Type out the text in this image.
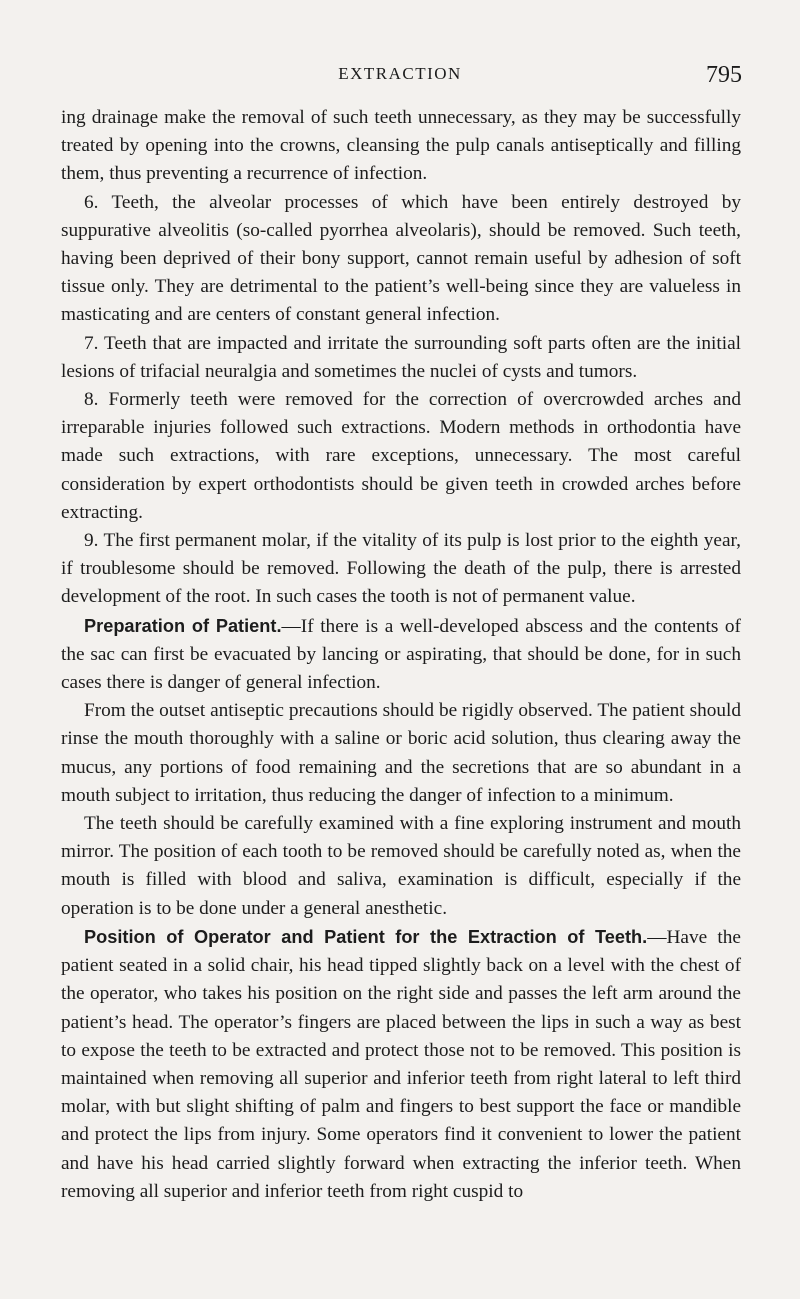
EXTRACTION	795

ing drainage make the removal of such teeth unnecessary, as they may be successfully treated by opening into the crowns, cleansing the pulp canals antiseptically and filling them, thus preventing a recurrence of infection.

6. Teeth, the alveolar processes of which have been entirely destroyed by suppurative alveolitis (so-called pyorrhea alveolaris), should be removed. Such teeth, having been deprived of their bony support, cannot remain useful by adhesion of soft tissue only. They are detrimental to the patient’s well-being since they are valueless in masticating and are centers of constant general infection.

7. Teeth that are impacted and irritate the surrounding soft parts often are the initial lesions of trifacial neuralgia and sometimes the nuclei of cysts and tumors.

8. Formerly teeth were removed for the correction of overcrowded arches and irreparable injuries followed such extractions. Modern methods in orthodontia have made such extractions, with rare exceptions, unnecessary. The most careful consideration by expert orthodontists should be given teeth in crowded arches before extracting.

9. The first permanent molar, if the vitality of its pulp is lost prior to the eighth year, if troublesome should be removed. Following the death of the pulp, there is arrested development of the root. In such cases the tooth is not of permanent value.

Preparation of Patient.—If there is a well-developed abscess and the contents of the sac can first be evacuated by lancing or aspirating, that should be done, for in such cases there is danger of general infection.

From the outset antiseptic precautions should be rigidly observed. The patient should rinse the mouth thoroughly with a saline or boric acid solution, thus clearing away the mucus, any portions of food remaining and the secretions that are so abundant in a mouth subject to irritation, thus reducing the danger of infection to a minimum.

The teeth should be carefully examined with a fine exploring instrument and mouth mirror. The position of each tooth to be removed should be carefully noted as, when the mouth is filled with blood and saliva, examination is difficult, especially if the operation is to be done under a general anesthetic.

Position of Operator and Patient for the Extraction of Teeth.—Have the patient seated in a solid chair, his head tipped slightly back on a level with the chest of the operator, who takes his position on the right side and passes the left arm around the patient’s head. The operator’s fingers are placed between the lips in such a way as best to expose the teeth to be extracted and protect those not to be removed. This position is maintained when removing all superior and inferior teeth from right lateral to left third molar, with but slight shifting of palm and fingers to best support the face or mandible and protect the lips from injury. Some operators find it convenient to lower the patient and have his head carried slightly forward when extracting the inferior teeth. When removing all superior and inferior teeth from right cuspid to
